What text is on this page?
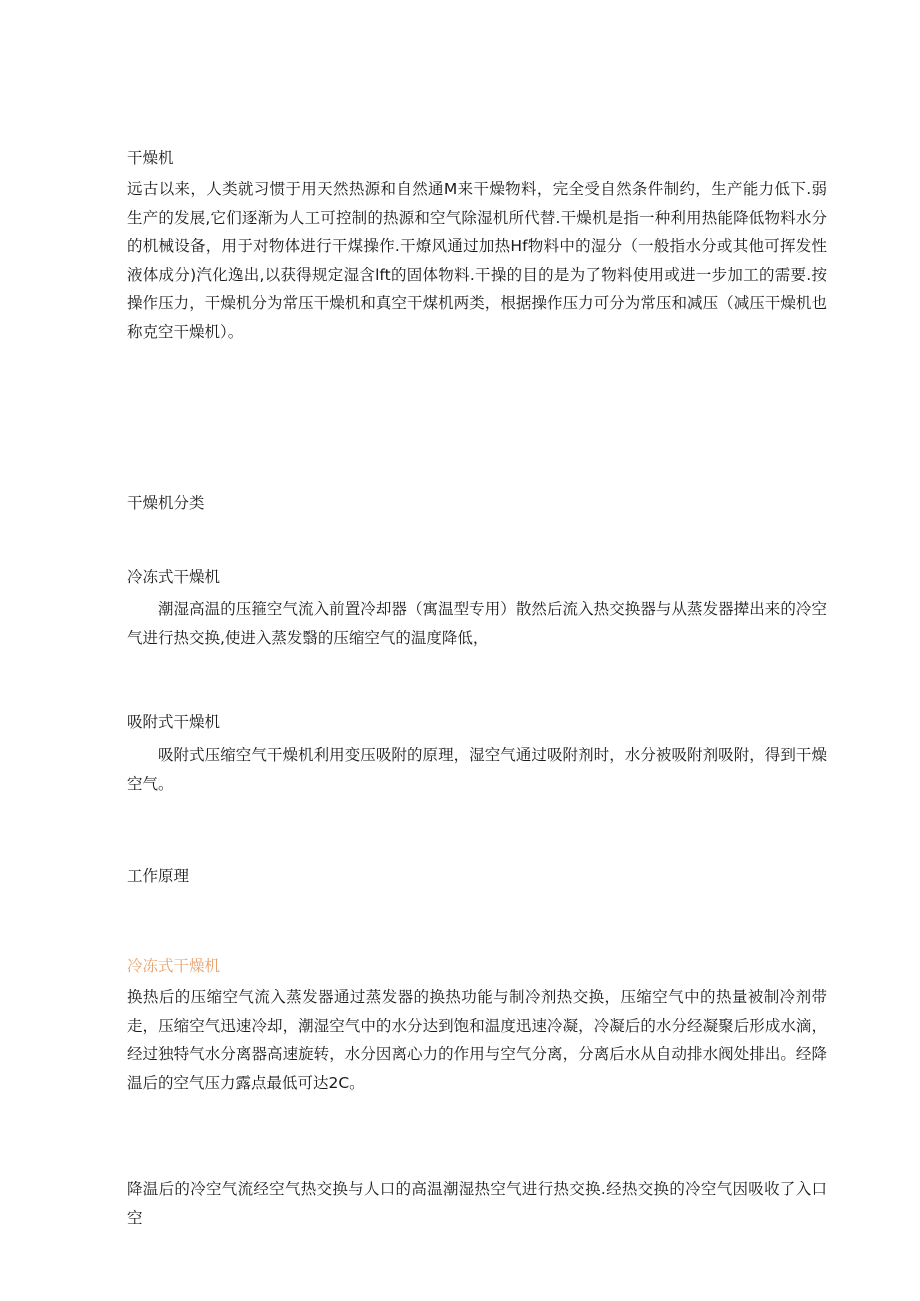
干燥机

远古以来，人类就习惯于用天然热源和自然通M来干燥物料，完全受自然条件制约，生产能力低下.弱生产的发展,它们逐渐为人工可控制的热源和空气除湿机所代替.干燥机是指一种利用热能降低物料水分的机械设备，用于对物体进行干煤操作.干燎风通过加热Hf物料中的湿分（一般指水分或其他可挥发性液体成分)汽化逸出,以获得规定湿含lft的固体物料.干操的目的是为了物料使用或进一步加工的需要.按操作压力，干燥机分为常压干燥机和真空干煤机两类，根据操作压力可分为常压和减压（减压干燥机也称克空干燥机）。

干燥机分类
冷冻式干燥机

潮湿高温的压箍空气流入前置冷却器（寓温型专用）散然后流入热交换器与从蒸发器撵出来的冷空气进行热交换,使进入蒸发翳的压缩空气的温度降低，

吸附式干燥机

吸附式压缩空气干燥机利用变压吸附的原理，湿空气通过吸附剂时，水分被吸附剂吸附，得到干燥空气。

工作原理
冷冻式干燥机

换热后的压缩空气流入蒸发器通过蒸发器的换热功能与制冷剂热交换，压缩空气中的热量被制冷剂带走，压缩空气迅速冷却，潮湿空气中的水分达到饱和温度迅速冷凝，冷凝后的水分经凝聚后形成水滴，经过独特气水分离器高速旋转，水分因离心力的作用与空气分离，分离后水从自动排水阀处排出。经降温后的空气压力露点最低可达2C。

降温后的冷空气流经空气热交换与人口的高温潮湿热空气进行热交换.经热交换的冷空气因吸收了入口空
